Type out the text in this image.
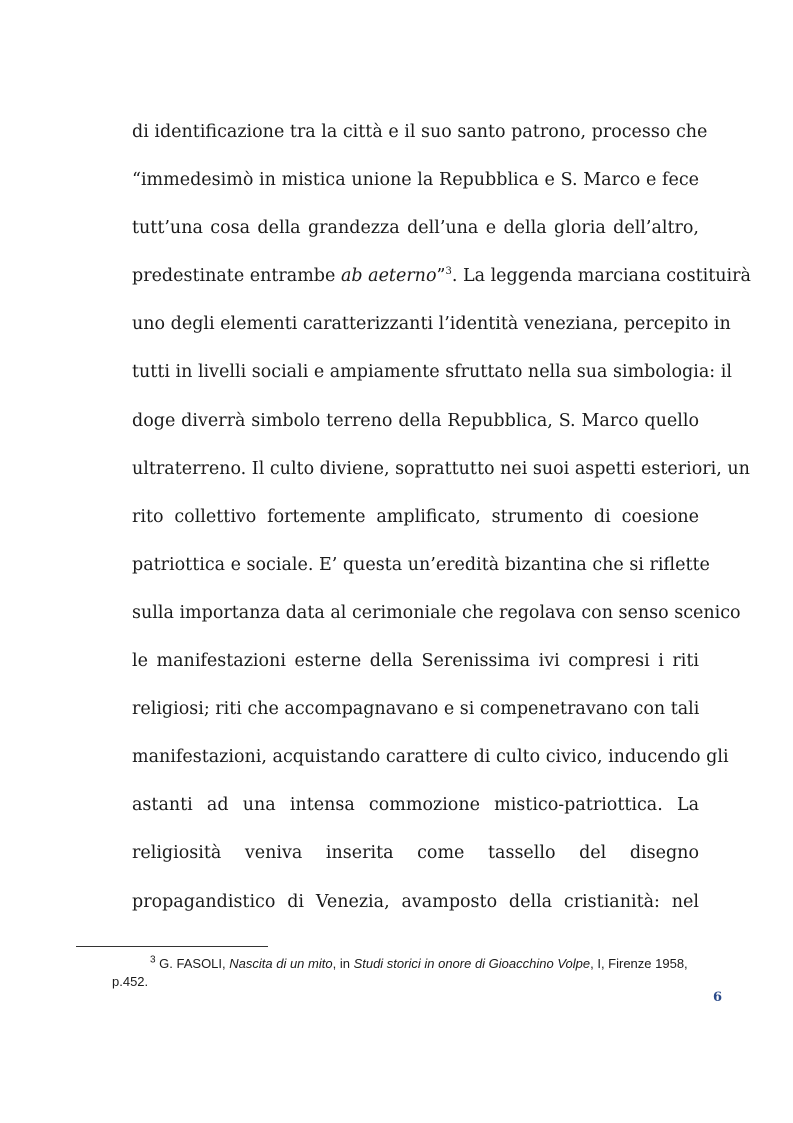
di identificazione tra la città e il suo santo patrono, processo che
“immedesimò in mistica unione la Repubblica e S. Marco e fece
tutt’una cosa della grandezza dell’una e della gloria dell’altro,
predestinate entrambe ab aeterno”$^3$. La leggenda marciana costituirà
uno degli elementi caratterizzanti l’identità veneziana, percepito in
tutti in livelli sociali e ampiamente sfruttato nella sua simbologia: il
doge diverrà simbolo terreno della Repubblica, S. Marco quello
ultraterreno. Il culto diviene, soprattutto nei suoi aspetti esteriori, un
rito collettivo fortemente amplificato, strumento di coesione
patriottica e sociale. E’ questa un’eredità bizantina che si riflette
sulla importanza data al cerimoniale che regolava con senso scenico
le manifestazioni esterne della Serenissima ivi compresi i riti
religiosi; riti che accompagnavano e si compenetravano con tali
manifestazioni, acquistando carattere di culto civico, inducendo gli
astanti ad una intensa commozione mistico-patriottica. La
religiosità veniva inserita come tassello del disegno
propagandistico di Venezia, avamposto della cristianità: nel
$^3$ G. FASOLI, Nascita di un mito, in Studi storici in onore di Gioacchino Volpe, I, Firenze 1958,
p.452.
6
